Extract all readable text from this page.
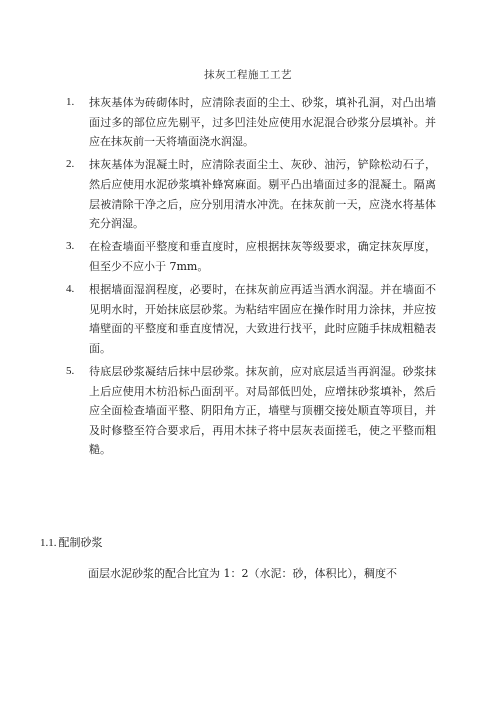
抹灰工程施工工艺
1. 抹灰基体为砖砌体时，应清除表面的尘土、砂浆，填补孔洞，对凸出墙面过多的部位应先剔平，过多凹洼处应使用水泥混合砂浆分层填补。并应在抹灰前一天将墙面浇水润湿。
2. 抹灰基体为混凝土时，应清除表面尘土、灰砂、油污，铲除松动石子，然后应使用水泥砂浆填补蜂窝麻面。剔平凸出墙面过多的混凝土。隔离层被清除干净之后，应分别用清水冲洗。在抹灰前一天，应浇水将基体充分润湿。
3. 在检查墙面平整度和垂直度时，应根据抹灰等级要求，确定抹灰厚度，但至少不应小于 7mm。
4. 根据墙面湿润程度，必要时，在抹灰前应再适当洒水润湿。并在墙面不见明水时，开始抹底层砂浆。为粘结牢固应在操作时用力涂抹，并应按墙壁面的平整度和垂直度情况，大致进行找平，此时应随手抹成粗糙表面。
5. 待底层砂浆凝结后抹中层砂浆。抹灰前，应对底层适当再润湿。砂浆抹上后应使用木枋沿标凸面刮平。对局部低凹处，应增抹砂浆填补，然后应全面检查墙面平整、阴阳角方正，墙壁与顶棚交接处顺直等项目，并及时修整至符合要求后，再用木抹子将中层灰表面搓毛，使之平整而粗糙。
1.1. 配制砂浆
面层水泥砂浆的配合比宜为 1：2（水泥：砂，体积比），稠度不
